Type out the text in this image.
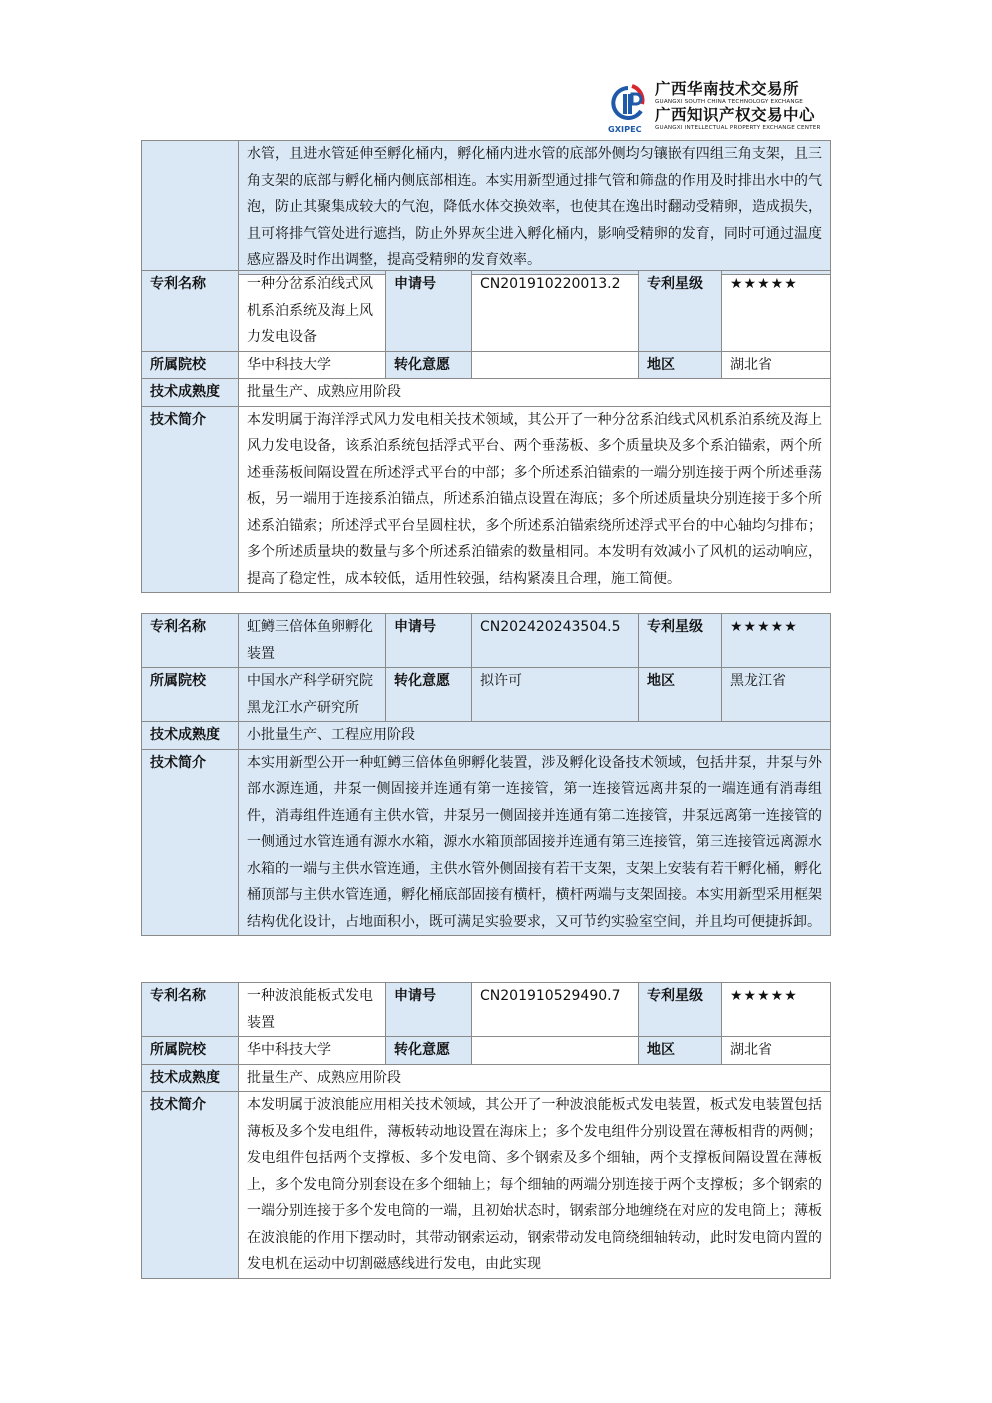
GXIPEC
广西华南技术交易所
GUANGXI SOUTH CHINA TECHNOLOGY EXCHANGE
广西知识产权交易中心
GUANGXI INTELLECTUAL PROPERTY EXCHANGE CENTER
	水管，且进水管延伸至孵化桶内，孵化桶内进水管的底部外侧均匀镶嵌有四组三角支架，且三角支架的底部与孵化桶内侧底部相连。本实用新型通过排气管和筛盘的作用及时排出水中的气泡，防止其聚集成较大的气泡，降低水体交换效率，也使其在逸出时翻动受精卵，造成损失，且可将排气管处进行遮挡，防止外界灰尘进入孵化桶内，影响受精卵的发育，同时可通过温度感应器及时作出调整，提高受精卵的发育效率。
专利名称	一种分岔系泊线式风机系泊系统及海上风力发电设备	申请号	CN201910220013.2	专利星级	★★★★★
所属院校	华中科技大学	转化意愿		地区	湖北省
技术成熟度	批量生产、成熟应用阶段				
技术简介	本发明属于海洋浮式风力发电相关技术领域，其公开了一种分岔系泊线式风机系泊系统及海上风力发电设备，该系泊系统包括浮式平台、两个垂荡板、多个质量块及多个系泊锚索，两个所述垂荡板间隔设置在所述浮式平台的中部；多个所述系泊锚索的一端分别连接于两个所述垂荡板，另一端用于连接系泊锚点，所述系泊锚点设置在海底；多个所述质量块分别连接于多个所述系泊锚索；所述浮式平台呈圆柱状，多个所述系泊锚索绕所述浮式平台的中心轴均匀排布；多个所述质量块的数量与多个所述系泊锚索的数量相同。本发明有效减小了风机的运动响应，提高了稳定性，成本较低，适用性较强，结构紧凑且合理，施工简便。				
专利名称	虹鳟三倍体鱼卵孵化装置	申请号	CN202420243504.5	专利星级	★★★★★
所属院校	中国水产科学研究院黑龙江水产研究所	转化意愿	拟许可	地区	黑龙江省
技术成熟度	小批量生产、工程应用阶段				
技术简介	本实用新型公开一种虹鳟三倍体鱼卵孵化装置，涉及孵化设备技术领域，包括井泵，井泵与外部水源连通，井泵一侧固接并连通有第一连接管，第一连接管远离井泵的一端连通有消毒组件，消毒组件连通有主供水管，井泵另一侧固接并连通有第二连接管，井泵远离第一连接管的一侧通过水管连通有源水水箱，源水水箱顶部固接并连通有第三连接管，第三连接管远离源水水箱的一端与主供水管连通，主供水管外侧固接有若干支架，支架上安装有若干孵化桶，孵化桶顶部与主供水管连通，孵化桶底部固接有横杆，横杆两端与支架固接。本实用新型采用框架结构优化设计，占地面积小，既可满足实验要求，又可节约实验室空间，并且均可便捷拆卸。				
专利名称	一种波浪能板式发电装置	申请号	CN201910529490.7	专利星级	★★★★★
所属院校	华中科技大学	转化意愿		地区	湖北省
技术成熟度	批量生产、成熟应用阶段				
技术简介	本发明属于波浪能应用相关技术领域，其公开了一种波浪能板式发电装置，板式发电装置包括薄板及多个发电组件，薄板转动地设置在海床上；多个发电组件分别设置在薄板相背的两侧；发电组件包括两个支撑板、多个发电筒、多个钢索及多个细轴，两个支撑板间隔设置在薄板上，多个发电筒分别套设在多个细轴上；每个细轴的两端分别连接于两个支撑板；多个钢索的一端分别连接于多个发电筒的一端，且初始状态时，钢索部分地缠绕在对应的发电筒上；薄板在波浪能的作用下摆动时，其带动钢索运动，钢索带动发电筒绕细轴转动，此时发电筒内置的发电机在运动中切割磁感线进行发电，由此实现				
